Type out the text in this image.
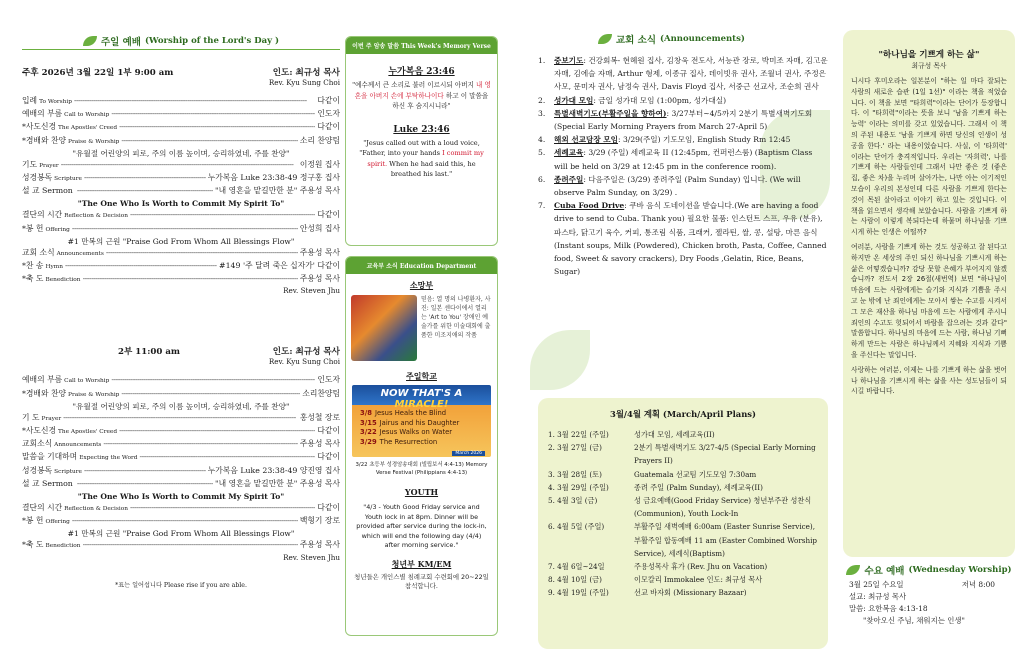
주일 예배 (Worship of the Lord's Day )
주후 2026년 3월 22일 1부 9:00 am	인도: 최규성 목사
Rev. Kyu Sung Choi
입례 To Worship -----	다같이
예배의 부름 Call to Worship -----	인도자
*사도신경 The Apostles' Creed -----	다같이
*경배와 찬양 Praise & Worship -----	소리 찬양팀
"유월절 어린양의 피로, 주의 이름 높이며, 승리하였네, 주를 찬양"
기도 Prayer -----	이정원 집사
성경봉독 Scripture -----	누가복음 Luke 23:38-49 정구홍 집사
설 교 Sermon -----	"내 영혼을 맡길만한 분" 주용성 목사
"The One Who Is Worth to Commit My Spirit To"
결단의 시간 Reflection & Decision -----	다같이
*봉 헌 Offering -----	안성희 집사
#1 만복의 근원 "Praise God From Whom All Blessings Flow"
교회 소식 Announcements -----	주용성 목사
*찬 송 Hymn -----	#149 '주 달려 죽은 십자가' 다같이
*축 도 Benediction -----	주용성 목사
Rev. Steven Jhu
2부 11:00 am	인도: 최규성 목사
Rev. Kyu Sung Choi
예배의 부름 Call to Worship -----	인도자
*경배와 찬양 Praise & Worship -----	소리찬양팀
"유월절 어린양의 피로, 주의 이름 높이며, 승리하였네, 주를 찬양"
기 도 Prayer -----	홍성철 장로
*사도신경 The Apostles' Creed -----	다같이
교회소식 Announcements -----	주용성 목사
말씀을 기대하며 Expecting the Word -----	다같이
성경봉독 Scripture -----	누가복음 Luke 23:38-49 양진영 집사
설 교 Sermon -----	"내 영혼을 맡길만한 분" 주용성 목사
"The One Who Is Worth to Commit My Spirit To"
결단의 시간 Reflection & Decision -----	다같이
*봉 헌 Offering -----	백형기 장로
#1 만복의 근원 "Praise God From Whom All Blessings Flow"
*축 도 Benediction -----	주용성 목사
Rev. Steven Jhu
*표는 일어섭니다 Please rise if you are able.
이번 주 암송 말씀 This Week's Memory Verse
누가복음 23:46
"예수께서 큰 소리로 불러 이르시되 아버지 내 영혼을 아버지 손에 부탁하나이다 하고 이 말씀을 하신 후 숨지시니라"
Luke 23:46
"Jesus called out with a loud voice, "Father, into your hands I commit my spirit. When he had said this, he breathed his last."
교육부 소식 Education Department
소망부
믿음: 열 명의 나병환자, 사진: 일본 센다이에서 열리는 'Art to You' 장애인 예술가를 위한 미술대회에 출품한 미조지애의 작품
주일학교
NOW THAT'S A MIRACLE!
3/8 Jesus Heals the Blind
3/15 Jairus and his Daughter
3/22 Jesus Walks on Water
3/29 The Resurrection
March 2026
3/22 초등부 성경암송대회 (빌립보서 4:4-13) Memory Verse Festival (Philippians 4:4-13)
YOUTH
"4/3 - Youth Good Friday service and Youth lock in at 8pm. Dinner will be provided after service during the lock-in, which will end the following day (4/4) after morning service."
청년부 KM/EM
청년들은 개인스별 침례교회 수련회에 20~22일 참석합니다.
교회 소식 (Announcements)
1.	중보기도: 건강회복- 현혜원 집사, 김창욱 전도사, 서능관 장로, 박미조 자매, 김고운 자매, 김에슬 자매, Arthur 형제, 이종규 집사, 데이빗유 권사, 조월녀 권사, 주정은 사모, 문미자 권사, 남정숙 권사, Davis Floyd 집사, 서중근 선교사, 조순희 권사
2.	성가대 모임: 금일 성가대 모임 (1:00pm, 성가대실)
3.	특별새벽기도(부활주일을 향하여): 3/27부터~4/5까지 2분기 특별새벽기도회 (Special Early Morning Prayers from March 27-April 5)
4.	해외 선교담장 모임: 3/29(주일) 기도모임, English Study Rm 12:45
5.	세례교육: 3/29 (주일) 세례교육 II (12:45pm, 컨퍼런스룸) (Baptism Class will be held on 3/29 at 12:45 pm in the conference room).
6.	종려주일: 다음주일은 (3/29) 종려주일 (Palm Sunday) 입니다. (We will observe Palm Sunday, on 3/29) .
7.	Cuba Food Drive: 쿠바 음식 도네이션을 받습니다.(We are having a food drive to send to Cuba. Thank you) 필요한 물품: 인스턴트 스프, 우유 (분유), 파스타, 닭고기 육수, 커피, 통조림 식품, 크래커, 젤라틴, 쌀, 콩, 설탕, 마른 음식 (Instant soups, Milk (Powdered), Chicken broth, Pasta, Coffee, Canned food, Sweet & savory crackers), Dry Foods ,Gelatin, Rice, Beans, Sugar)
3월/4월 계획 (March/April Plans)
1. 3월 22일 (주일)	성가대 모임, 세례교육(II)
2. 3월 27일 (금)	2분기 특별새벽기도 3/27-4/5 (Special Early Morning Prayers II)
3. 3월 28일 (토)	Guatemala 선교팀 기도모임 7:30am
4. 3월 29일 (주일)	종려 주일 (Palm Sunday), 세례교육(II)
5. 4월 3일 (금)	성 금요예배(Good Friday Service) 청년부주관 성찬식 (Communion), Youth Lock-In
6. 4월 5일 (주일)	부활주일 새벽예배 6:00am (Easter Sunrise Service), 부활주일 합동예배 11 am (Easter Combined Worship Service), 세례식(Baptism)
7. 4월 6일~24일	주용성목사 휴가 (Rev. Jhu on Vacation)
8. 4월 10일 (금)	이모칼리 Immokalee 인도: 최규성 목사
9. 4월 19일 (주일)	선교 바자회 (Missionary Bazaar)
"하나님을 기쁘게 하는 삶"
최규성 목사

니시다 후미오라는 일본분이 "하는 일 마다 잘되는 사람의 새로운 습관 (1일 1선)" 이라는 책을 적었습니다. 이 책을 보면 "타희력"이라는 단어가 등장합니다. 이 "타희력"이라는 뜻을 보니 '남을 기쁘게 하는 능력' 이라는 의미를 갖고 있었습니다. 그래서 이 책의 주된 내용도 '남을 기쁘게 하면 당신의 인생이 성공을 한다.' 라는 내용이었습니다. 사실, 이 '타희력' 이라는 단어가 충격적입니다. 우리는 '자희력', 나를 기쁘게 하는 사람들인데 그래서 나만 좋은 것 (좋은 집, 좋은 차)을 누리며 살아가는, 나만 아는 이기적인 모습이 우리의 본성인데 다른 사람을 기쁘게 한다는 것이 목된 살아라고 이야기 하고 있는 것입니다. 이 책을 읽으면서 생각해 보았습니다. 사람을 기쁘게 하는 사람이 이렇게 복되다는데 하물며 하나님을 기쁘시게 하는 인생은 어떨까?

여러분, 사람을 기쁘게 하는 것도 성공하고 잘 된다고 하지만 온 세상의 주인 되신 하나님을 기쁘시게 하는 삶은 어떻겠습니까? 감당 못할 은혜가 부어지지 않겠습니까? 전도서 2장 26절(새번역) 보면 "하나님이 마음에 드는 사람에게는 슬기와 지식과 기쁨을 주시고 눈 밖에 난 죄인에게는 모아서 쌓는 수고를 시켜서 그 모은 재산을 하나님 마음에 드는 사람에게 주시니 죄인의 수고도 헛되어서 바람을 잡으려는 것과 같다" 말씀합니다. 하나님의 마음에 드는 사람, 하나님 기뻐하게 만드는 사람은 하나님께서 지혜와 지식과 기쁨을 주신다는 말입니다.

사랑하는 여러분, 이제는 나를 기쁘게 하는 삶을 벗어나 하나님을 기쁘시게 하는 삶을 사는 성도님들이 되시길 바랍니다.

수요 예배 (Wednesday Worship)
3월 25일 수요일	저녁 8:00
설교: 최규성 목사
말씀: 요한복음 4:13-18
"찾아오신 주님, 채워지는 인생"
